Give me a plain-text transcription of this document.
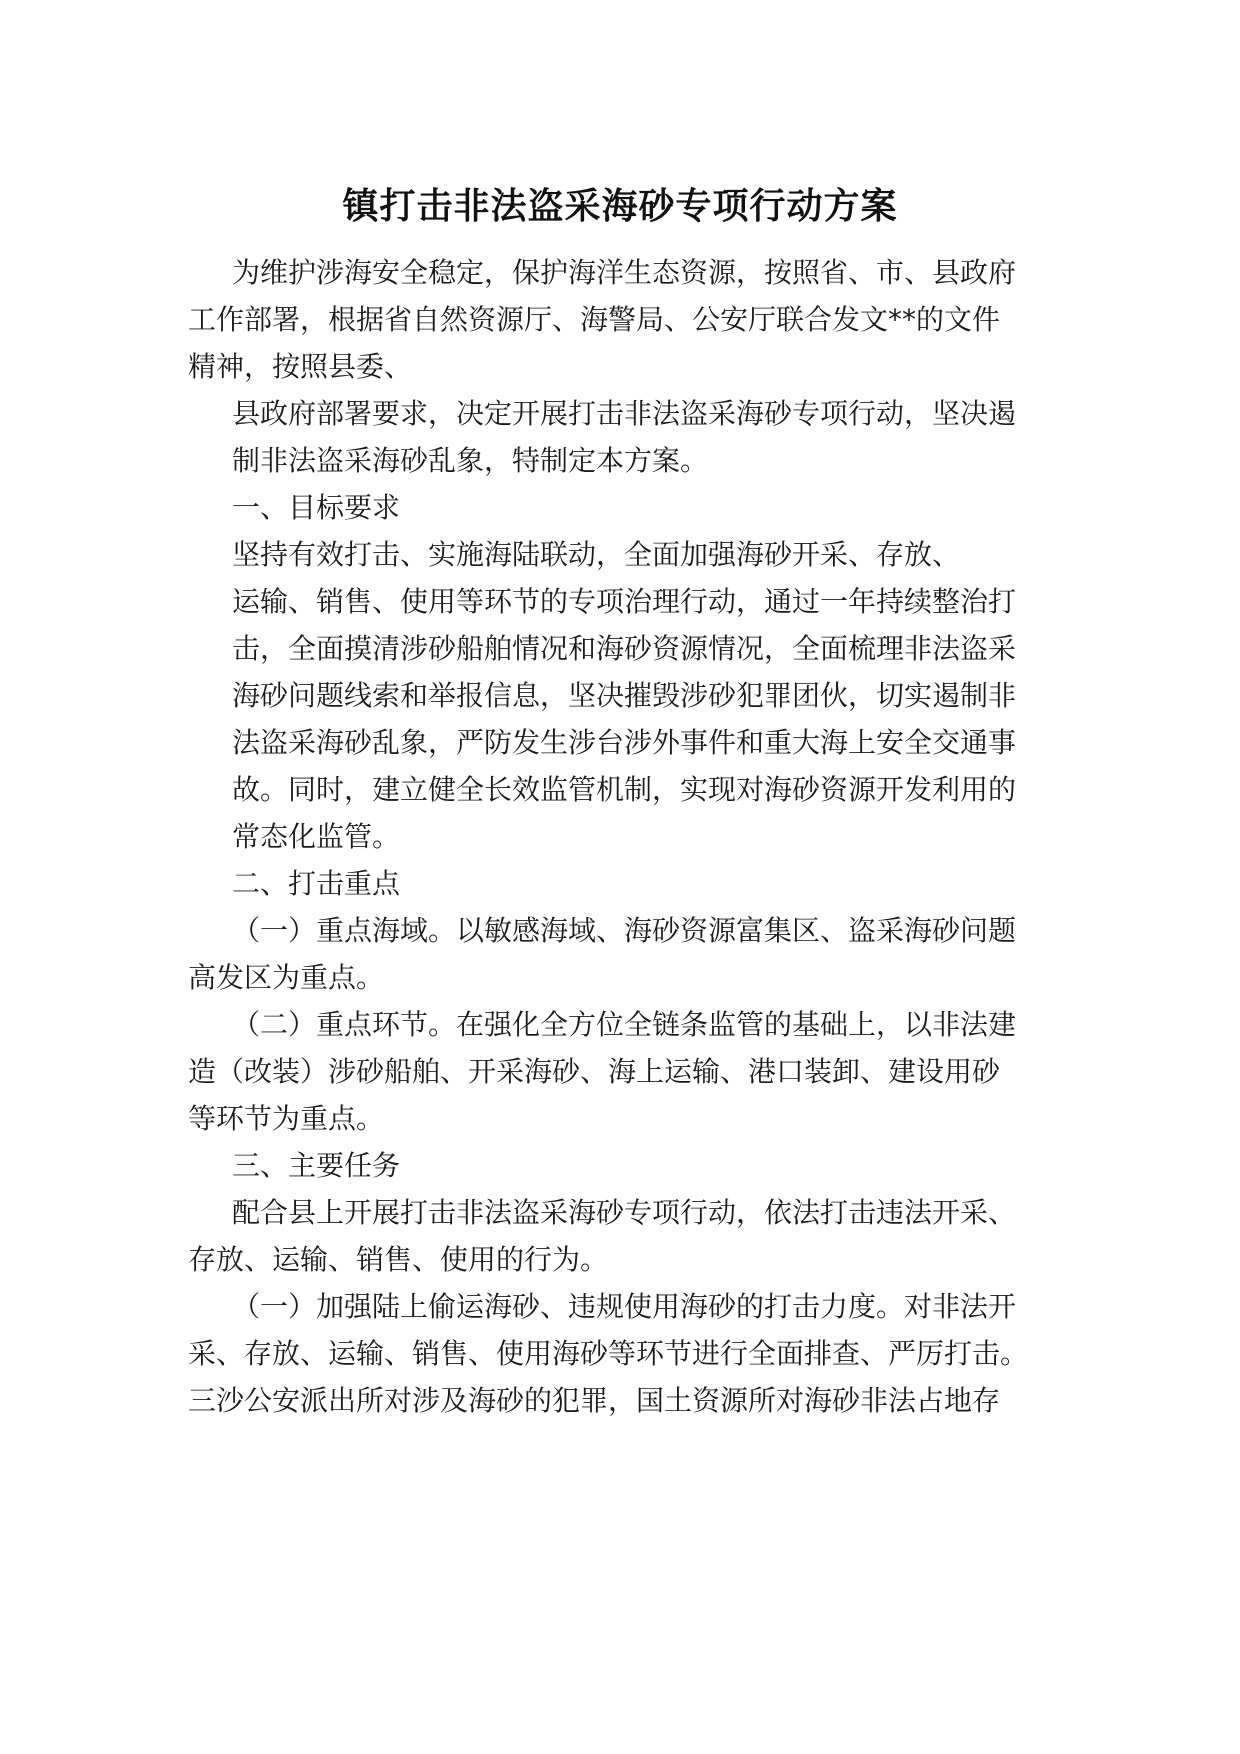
镇打击非法盗采海砂专项行动方案
为维护涉海安全稳定，保护海洋生态资源，按照省、市、县政府
工作部署，根据省自然资源厅、海警局、公安厅联合发文**的文件
精神，按照县委、
县政府部署要求，决定开展打击非法盗采海砂专项行动，坚决遏
制非法盗采海砂乱象，特制定本方案。
一、目标要求
坚持有效打击、实施海陆联动，全面加强海砂开采、存放、
运输、销售、使用等环节的专项治理行动，通过一年持续整治打
击，全面摸清涉砂船舶情况和海砂资源情况，全面梳理非法盗采
海砂问题线索和举报信息，坚决摧毁涉砂犯罪团伙，切实遏制非
法盗采海砂乱象，严防发生涉台涉外事件和重大海上安全交通事
故。同时，建立健全长效监管机制，实现对海砂资源开发利用的
常态化监管。
二、打击重点
（一）重点海域。以敏感海域、海砂资源富集区、盗采海砂问题
高发区为重点。
（二）重点环节。在强化全方位全链条监管的基础上，以非法建
造（改装）涉砂船舶、开采海砂、海上运输、港口装卸、建设用砂
等环节为重点。
三、主要任务
配合县上开展打击非法盗采海砂专项行动，依法打击违法开采、
存放、运输、销售、使用的行为。
（一）加强陆上偷运海砂、违规使用海砂的打击力度。对非法开
采、存放、运输、销售、使用海砂等环节进行全面排查、严厉打击。
三沙公安派出所对涉及海砂的犯罪，国土资源所对海砂非法占地存
